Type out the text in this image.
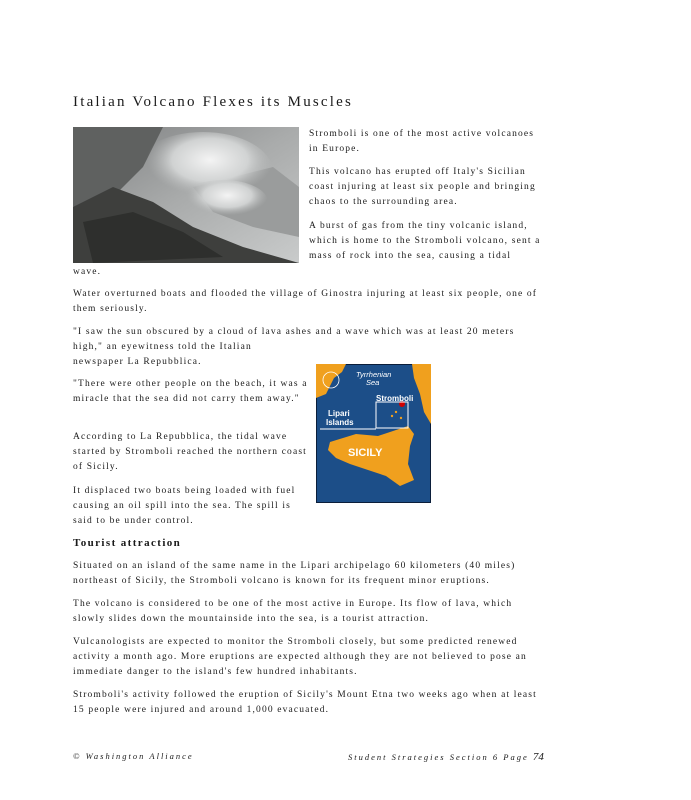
Italian Volcano Flexes its Muscles

Stromboli is one of the most active volcanoes in Europe.

This volcano has erupted off Italy's Sicilian coast injuring at least six people and bringing chaos to the surrounding area.

A burst of gas from the tiny volcanic island, which is home to the Stromboli volcano, sent a mass of rock into the sea, causing a tidal

wave.

Water overturned boats and flooded the village of Ginostra injuring at least six people, one of them seriously.

"I saw the sun obscured by a cloud of lava ashes and a wave which was at least 20 meters

high," an eyewitness told the Italian

newspaper La Repubblica.

"There were other people on the beach, it was a miracle that the sea did not carry them away."

According to La Repubblica, the tidal wave started by Stromboli reached the northern coast of Sicily.

It displaced two boats being loaded with fuel causing an oil spill into the sea. The spill is said to be under control.

Tyrrhenian
Sea
Stromboli
Lipari
Islands
SICILY
Tourist attraction

Situated on an island of the same name in the Lipari archipelago 60 kilometers (40 miles) northeast of Sicily, the Stromboli volcano is known for its frequent minor eruptions.

The volcano is considered to be one of the most active in Europe. Its flow of lava, which slowly slides down the mountainside into the sea, is a tourist attraction.

Vulcanologists are expected to monitor the Stromboli closely, but some predicted renewed activity a month ago. More eruptions are expected although they are not believed to pose an immediate danger to the island's few hundred inhabitants.

Stromboli's activity followed the eruption of Sicily's Mount Etna two weeks ago when at least 15 people were injured and around 1,000 evacuated.

© Washington Alliance	Student Strategies Section 6 Page 74
